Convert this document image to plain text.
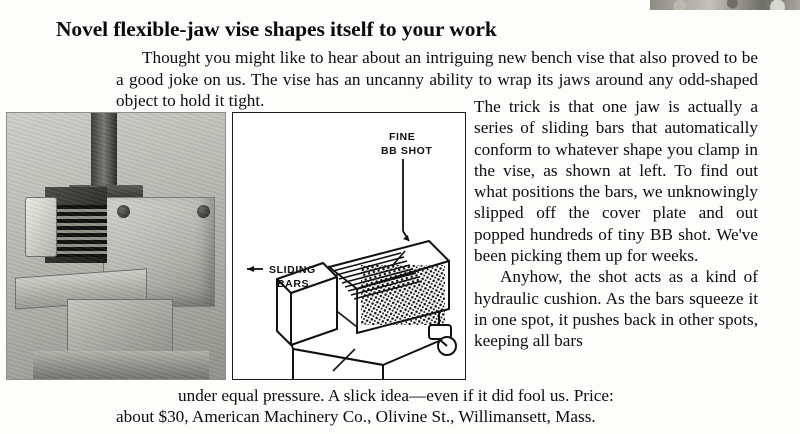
Novel flexible-jaw vise shapes itself to your work

Thought you might like to hear about an intriguing new bench vise that also proved to be a good joke on us. The vise has an uncanny ability to wrap its jaws around any odd-shaped object to hold it tight.

FINE
BB SHOT
SLIDING
BARS

The trick is that one jaw is actually a series of sliding bars that automatically conform to whatever shape you clamp in the vise, as shown at left. To find out what positions the bars, we unknowingly slipped off the cover plate and out popped hundreds of tiny BB shot. We've been picking them up for weeks.

Anyhow, the shot acts as a kind of hydraulic cushion. As the bars squeeze it in one spot, it pushes back in other spots, keeping all bars

under equal pressure. A slick idea—even if it did fool us. Price:
about $30, American Machinery Co., Olivine St., Willimansett, Mass.
